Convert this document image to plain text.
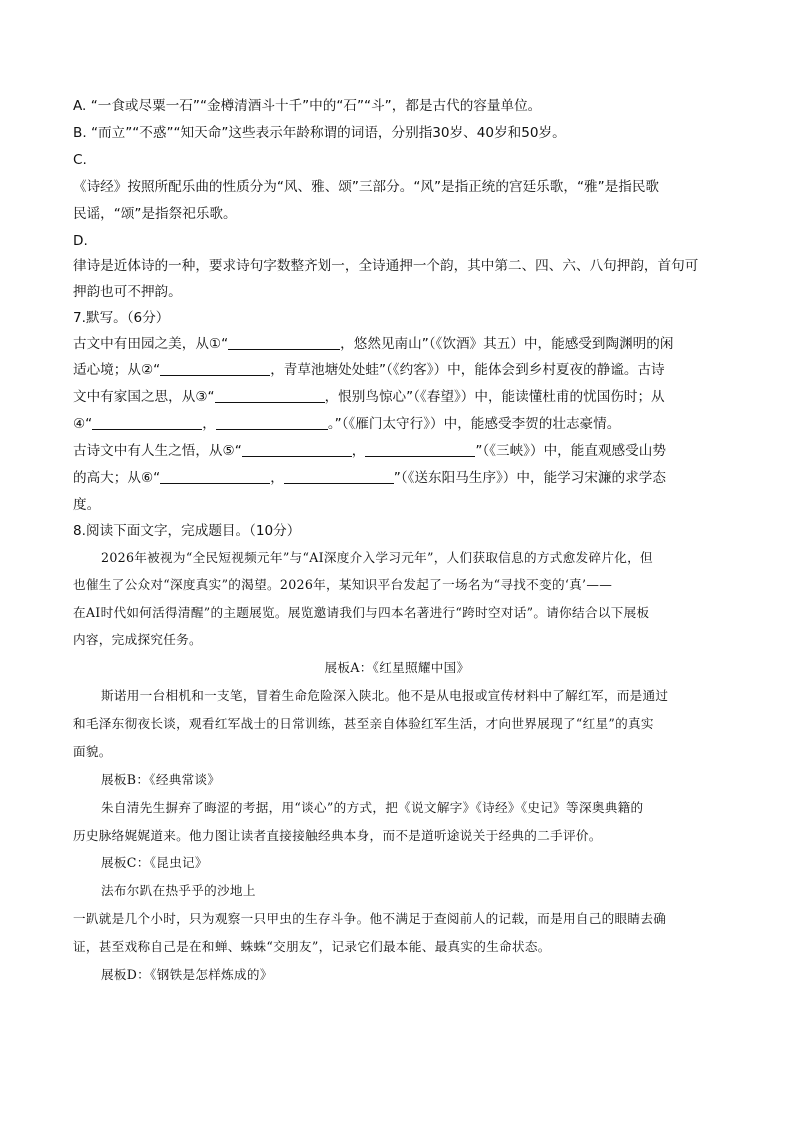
A. “一食或尽粟一石”“金樽清酒斗十千”中的“石”“斗”，都是古代的容量单位。
B. “而立”“不惑”“知天命”这些表示年龄称谓的词语，分别指30岁、40岁和50岁。
C.
《诗经》按照所配乐曲的性质分为“风、雅、颂”三部分。“风”是指正统的宫廷乐歌，“雅”是指民歌
民谣，“颂”是指祭祀乐歌。
D.
律诗是近体诗的一种，要求诗句字数整齐划一，全诗通押一个韵，其中第二、四、六、八句押韵，首句可
押韵也可不押韵。
7.默写。（6分）
古文中有田园之美，从①“	，悠然见南山”（《饮酒》其五）中，能感受到陶渊明的闲
适心境；从②“	，青草池塘处处蛙”（《约客》）中，能体会到乡村夏夜的静谧。古诗
文中有家国之思，从③“	，恨别鸟惊心”（《春望》）中，能读懂杜甫的忧国伤时；从
④“	，	。”（《雁门太守行》）中，能感受李贺的壮志豪情。
古诗文中有人生之悟，从⑤“	，	”（《三峡》）中，能直观感受山势
的高大；从⑥“	，	”（《送东阳马生序》）中，能学习宋濂的求学态
度。
8.阅读下面文字，完成题目。（10分）
2026年被视为“全民短视频元年”与“AI深度介入学习元年”，人们获取信息的方式愈发碎片化，但
也催生了公众对“深度真实”的渴望。2026年，某知识平台发起了一场名为“寻找不变的‘真’——
在AI时代如何活得清醒”的主题展览。展览邀请我们与四本名著进行“跨时空对话”。请你结合以下展板
内容，完成探究任务。
展板A：《红星照耀中国》
斯诺用一台相机和一支笔，冒着生命危险深入陕北。他不是从电报或宣传材料中了解红军，而是通过
和毛泽东彻夜长谈，观看红军战士的日常训练，甚至亲自体验红军生活，才向世界展现了“红星”的真实
面貌。
展板B：《经典常谈》
朱自清先生摒弃了晦涩的考据，用“谈心”的方式，把《说文解字》《诗经》《史记》等深奥典籍的
历史脉络娓娓道来。他力图让读者直接接触经典本身，而不是道听途说关于经典的二手评价。
展板C：《昆虫记》
法布尔趴在热乎乎的沙地上
一趴就是几个小时，只为观察一只甲虫的生存斗争。他不满足于查阅前人的记载，而是用自己的眼睛去确
证，甚至戏称自己是在和蝉、蛛蛛“交朋友”，记录它们最本能、最真实的生命状态。
展板D：《钢铁是怎样炼成的》
